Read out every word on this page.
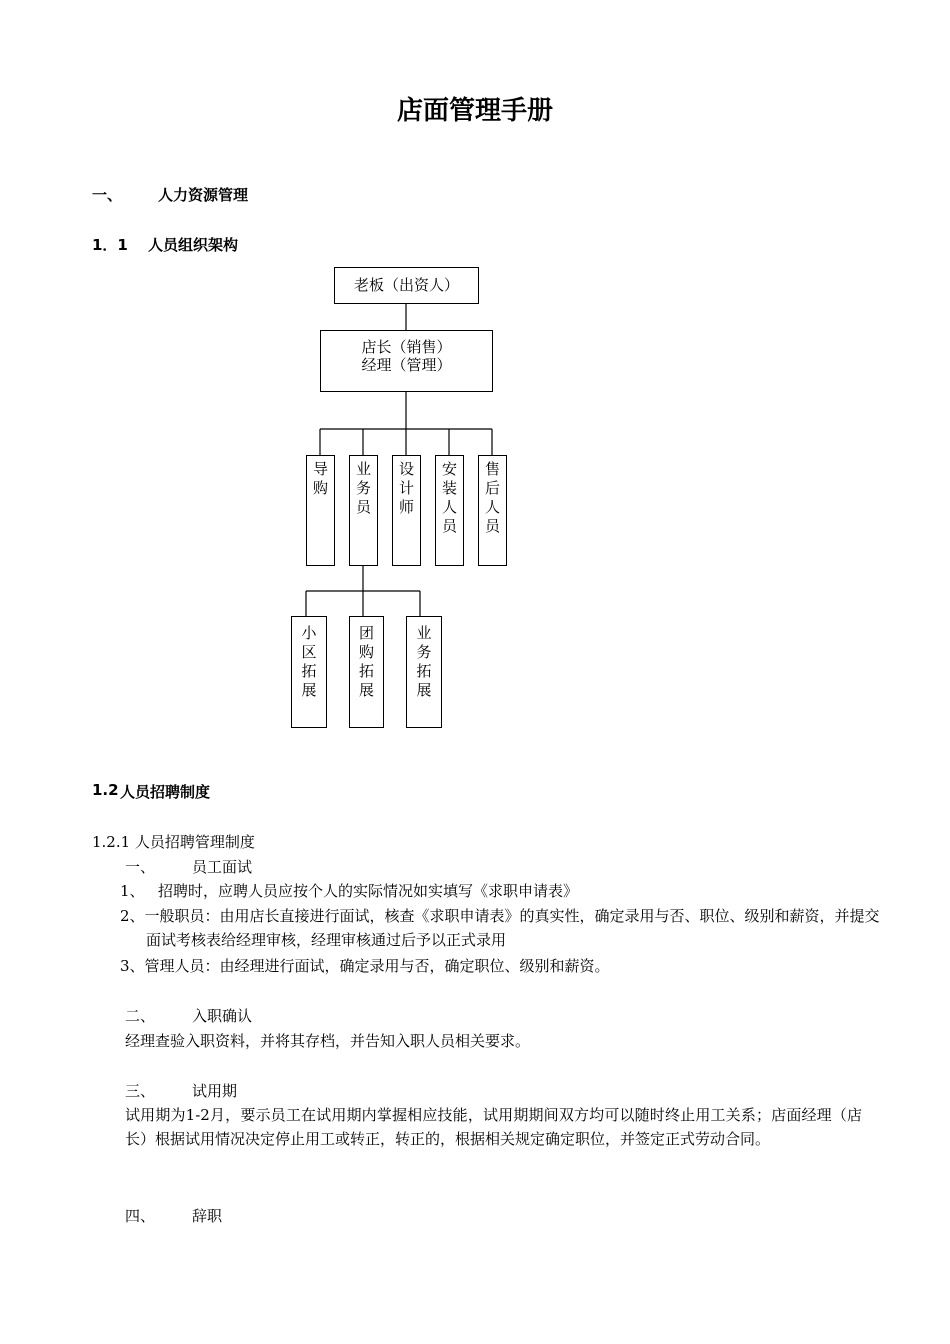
店面管理手册
一、 人力资源管理
1．1 人员组织架构
老板（出资人）
店长（销售）
经理（管理）
导购
业务员
设计师
安装人员
售后人员
小区拓展
团购拓展
业务拓展
1.2 人员招聘制度
1.2.1 人员招聘管理制度
一、 员工面试
1、 招聘时，应聘人员应按个人的实际情况如实填写《求职申请表》
2、一般职员：由用店长直接进行面试，核查《求职申请表》的真实性，确定录用与否、职位、级别和薪资，并提交面试考核表给经理审核，经理审核通过后予以正式录用
3、管理人员：由经理进行面试，确定录用与否，确定职位、级别和薪资。
二、 入职确认
经理查验入职资料，并将其存档，并告知入职人员相关要求。
三、 试用期
试用期为1-2月，要示员工在试用期内掌握相应技能，试用期期间双方均可以随时终止用工关系；店面经理（店长）根据试用情况决定停止用工或转正，转正的，根据相关规定确定职位，并签定正式劳动合同。
四、 辞职
